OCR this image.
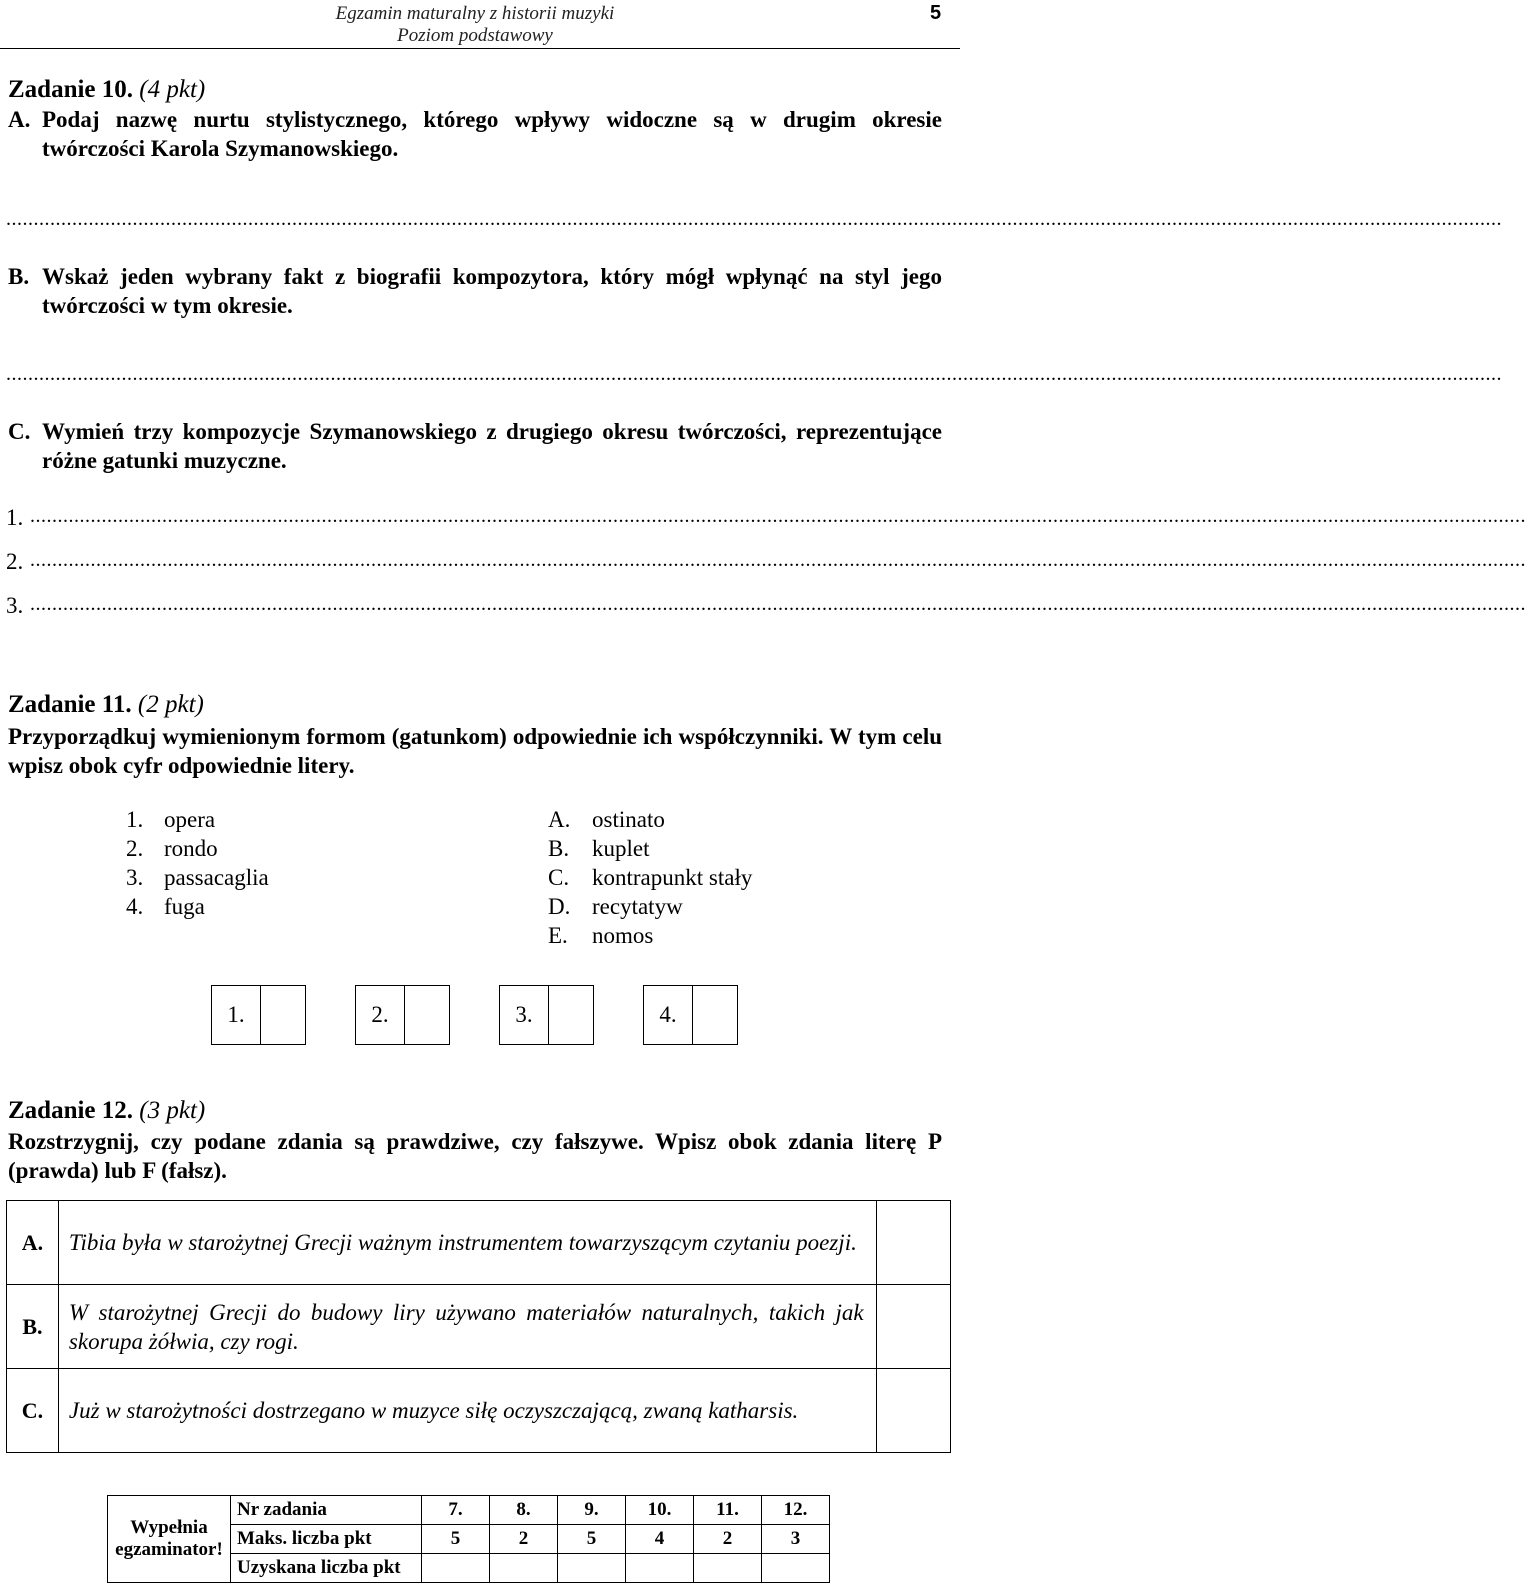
Egzamin maturalny z historii muzyki
Poziom podstawowy
5
Zadanie 10. (4 pkt)
A. Podaj nazwę nurtu stylistycznego, którego wpływy widoczne są w drugim okresie twórczości Karola Szymanowskiego.
................................................................................................................................................................................................................................................................................
B. Wskaż jeden wybrany fakt z biografii kompozytora, który mógł wpłynąć na styl jego twórczości w tym okresie.
................................................................................................................................................................................................................................................................................
C. Wymień trzy kompozycje Szymanowskiego z drugiego okresu twórczości, reprezentujące różne gatunki muzyczne.
1. ................................................................................................................................................................................................................................................................................
2. ................................................................................................................................................................................................................................................................................
3. ................................................................................................................................................................................................................................................................................
Zadanie 11. (2 pkt)
Przyporządkuj wymienionym formom (gatunkom) odpowiednie ich współczynniki. W tym celu wpisz obok cyfr odpowiednie litery.
1. opera
2. rondo
3. passacaglia
4. fuga
A. ostinato
B. kuplet
C. kontrapunkt stały
D. recytatyw
E. nomos
1.	2.	3.	4.
Zadanie 12. (3 pkt)
Rozstrzygnij, czy podane zdania są prawdziwe, czy fałszywe. Wpisz obok zdania literę P (prawda) lub F (fałsz).
A.	Tibia była w starożytnej Grecji ważnym instrumentem towarzyszącym czytaniu poezji.	
B.	W starożytnej Grecji do budowy liry używano materiałów naturalnych, takich jak skorupa żółwia, czy rogi.	
C.	Już w starożytności dostrzegano w muzyce siłę oczyszczającą, zwaną katharsis.	
Wypełnia
egzaminator!	Nr zadania	7.	8.	9.	10.	11.	12.
	Maks. liczba pkt	5	2	5	4	2	3
	Uzyskana liczba pkt						
